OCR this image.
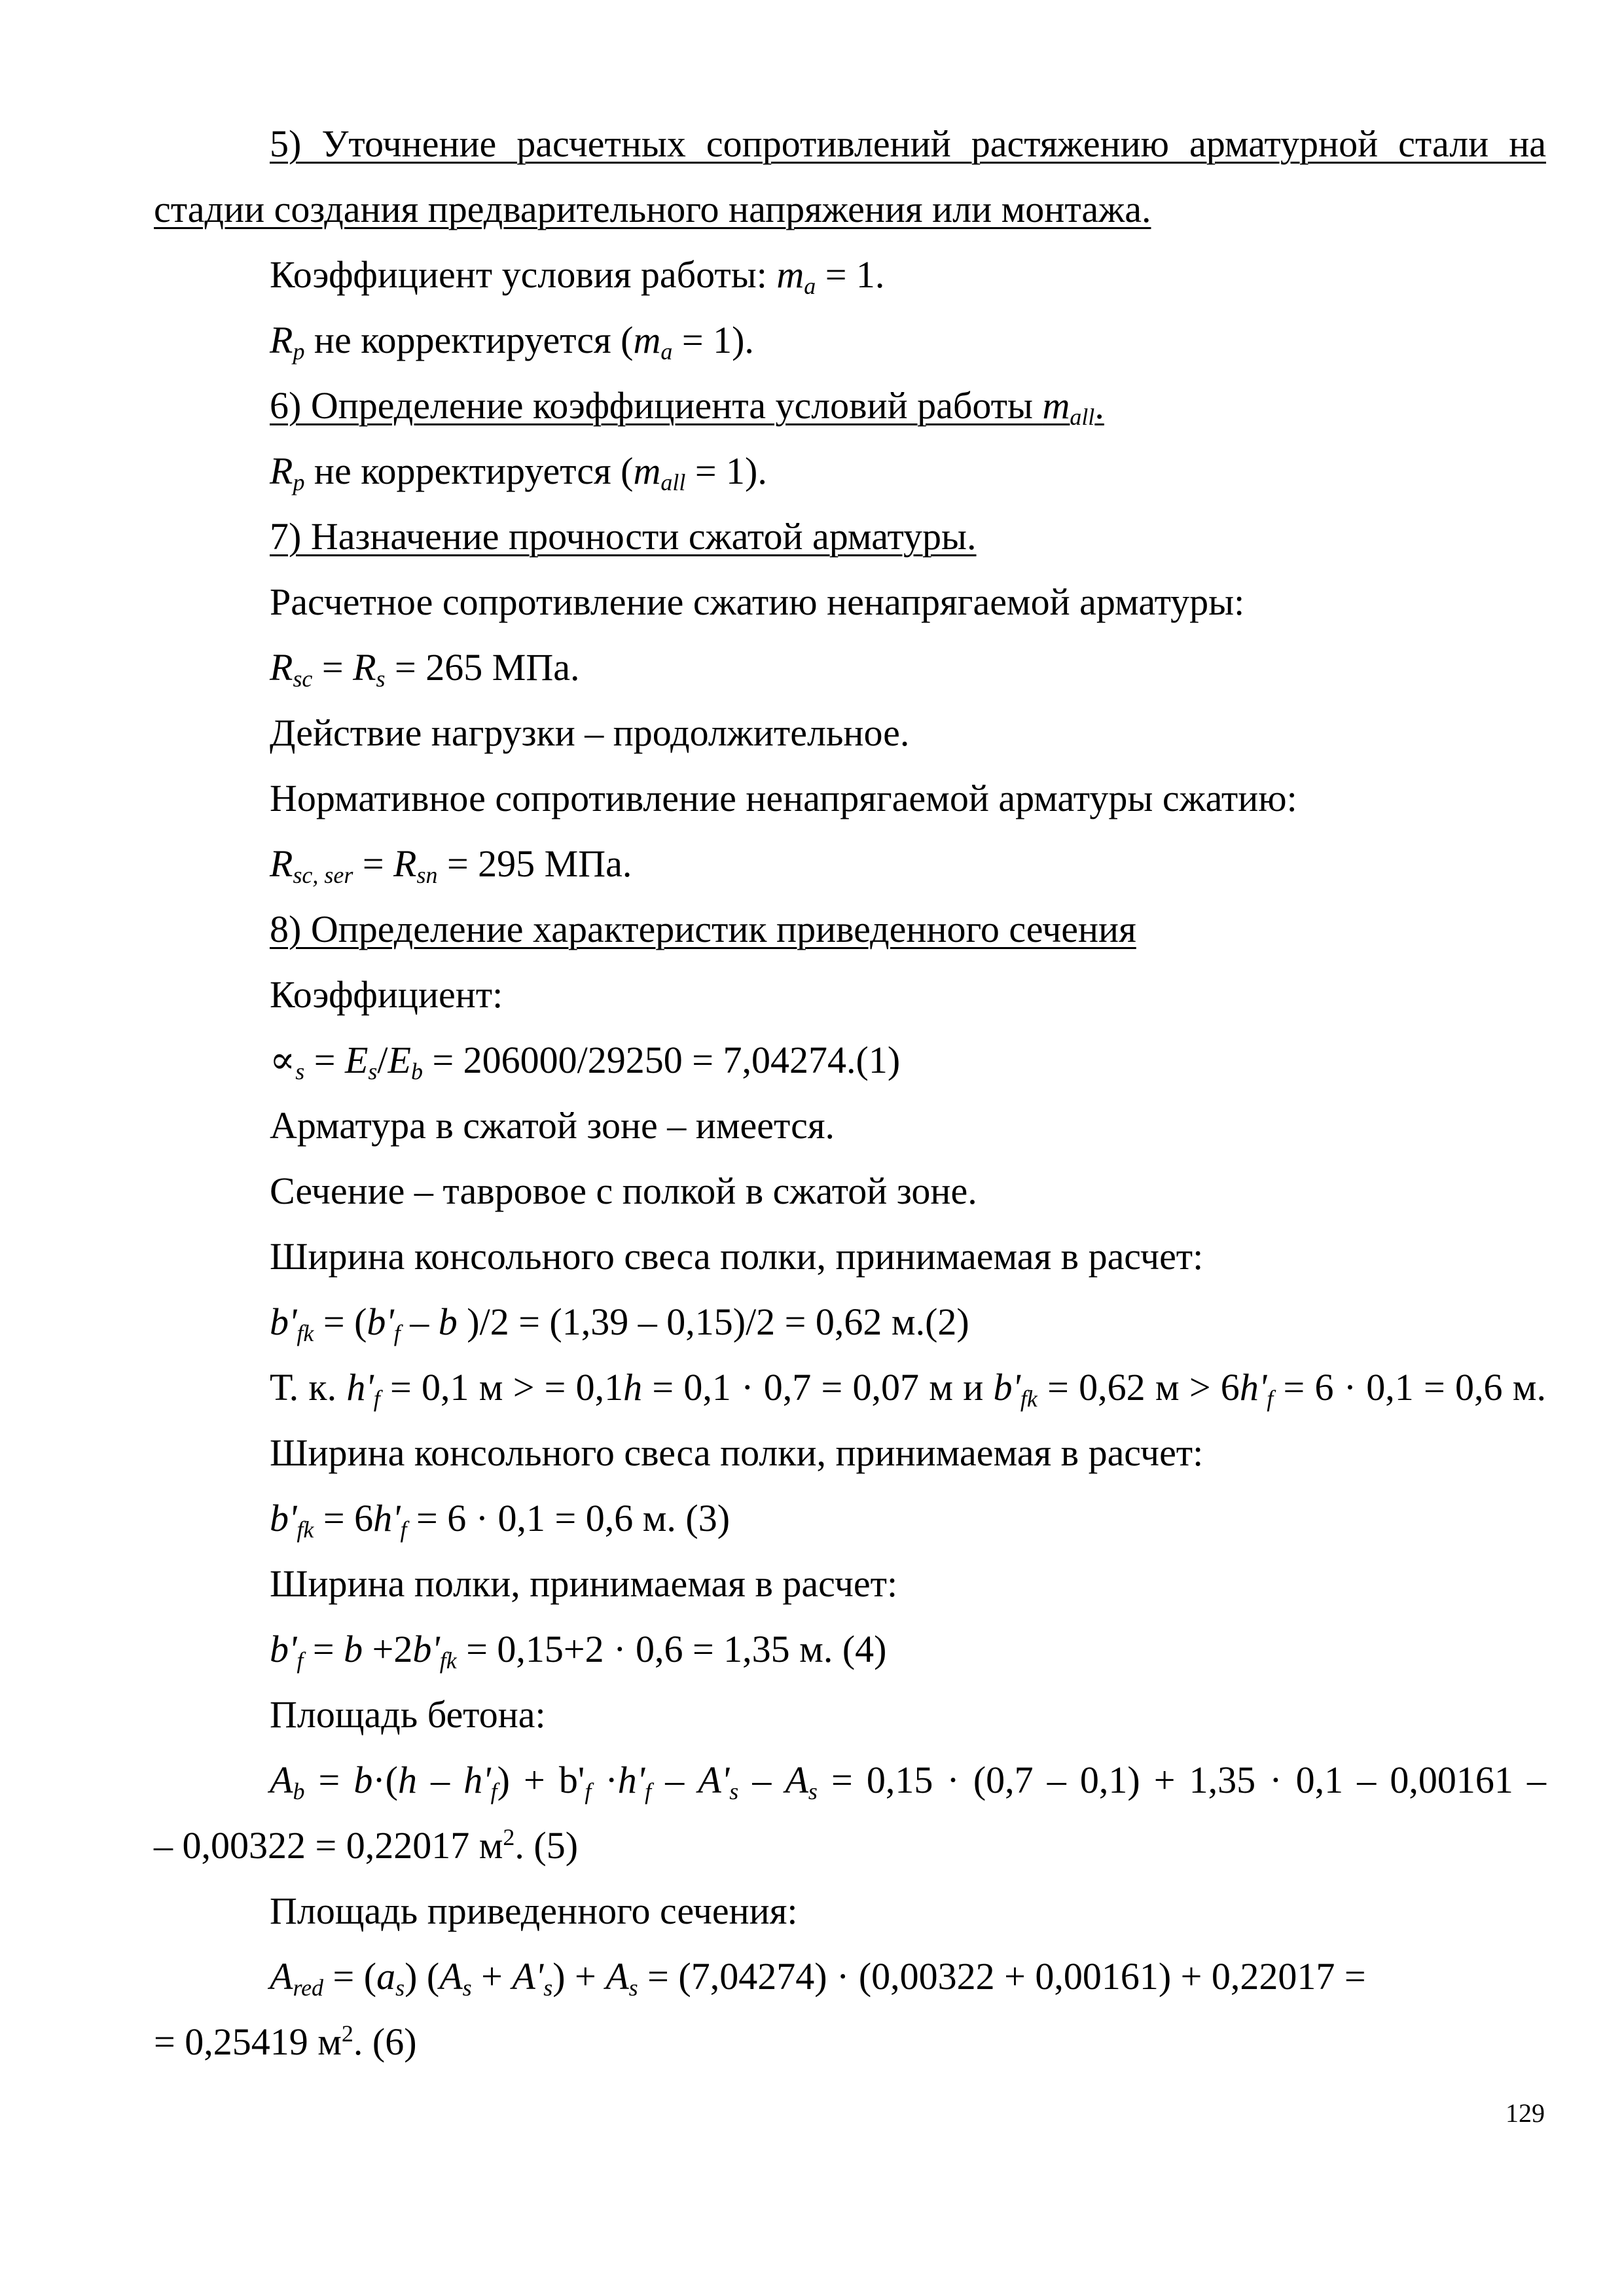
5) Уточнение расчетных сопротивлений растяжению арматурной стали на
стадии создания предварительного напряжения или монтажа.
Коэффициент условия работы: $m_a = 1$.
$R_p$ не корректируется $(m_a = 1)$.
6) Определение коэффициента условий работы $m_{all}$.
$R_p$ не корректируется $(m_{all} = 1)$.
7) Назначение прочности сжатой арматуры.
Расчетное сопротивление сжатию ненапрягаемой арматуры:
$R_{sc} = R_s = 265$ МПа.
Действие нагрузки – продолжительное.
Нормативное сопротивление ненапрягаемой арматуры сжатию:
$R_{sc, ser} = R_{sn} = 295$ МПа.
8) Определение характеристик приведенного сечения
Коэффициент:
$\propto_s = E_s/E_b = 206000/29250 = 7,04274.(1)$
Арматура в сжатой зоне – имеется.
Сечение – тавровое с полкой в сжатой зоне.
Ширина консольного свеса полки, принимаемая в расчет:
$b'_{fk} = (b'_f - b$ )/2 = (1,39 – 0,15)/2 = 0,62 м.(2)
Т. к. $h'_f = 0,1$ м > = 0,1h = 0,1 · 0,7 = 0,07 м и $b'_{fk} = 0,62$ $м > 6h'_f = 6 \cdot 0,1 = 0,6$ м.
Ширина консольного свеса полки, принимаемая в расчет:
$b'_{fk} = 6h'_f = 6 \cdot 0,1 = 0,6$ м. (3)
Ширина полки, принимаемая в расчет:
$b'_f = b +2b'_{fk} = 0,15+2 \cdot 0,6 = 1,35$ м. (4)
Площадь бетона:
$A_b = b\cdot(h - h'_f) + b'_f \cdot h'_f - A'_s - A_s = 0,15 \cdot (0,7 - 0,1) + 1,35 \cdot 0,1 - 0,00161$ –
– 0,00322 = 0,22017 $м^2$. (5)
Площадь приведенного сечения:
$A_{red} = (a_s) (A_s + A'_s) + A_s = (7,04274) \cdot (0,00322 + 0,00161) + 0,22017$ =
= 0,25419 $м^2$. (6)
129
